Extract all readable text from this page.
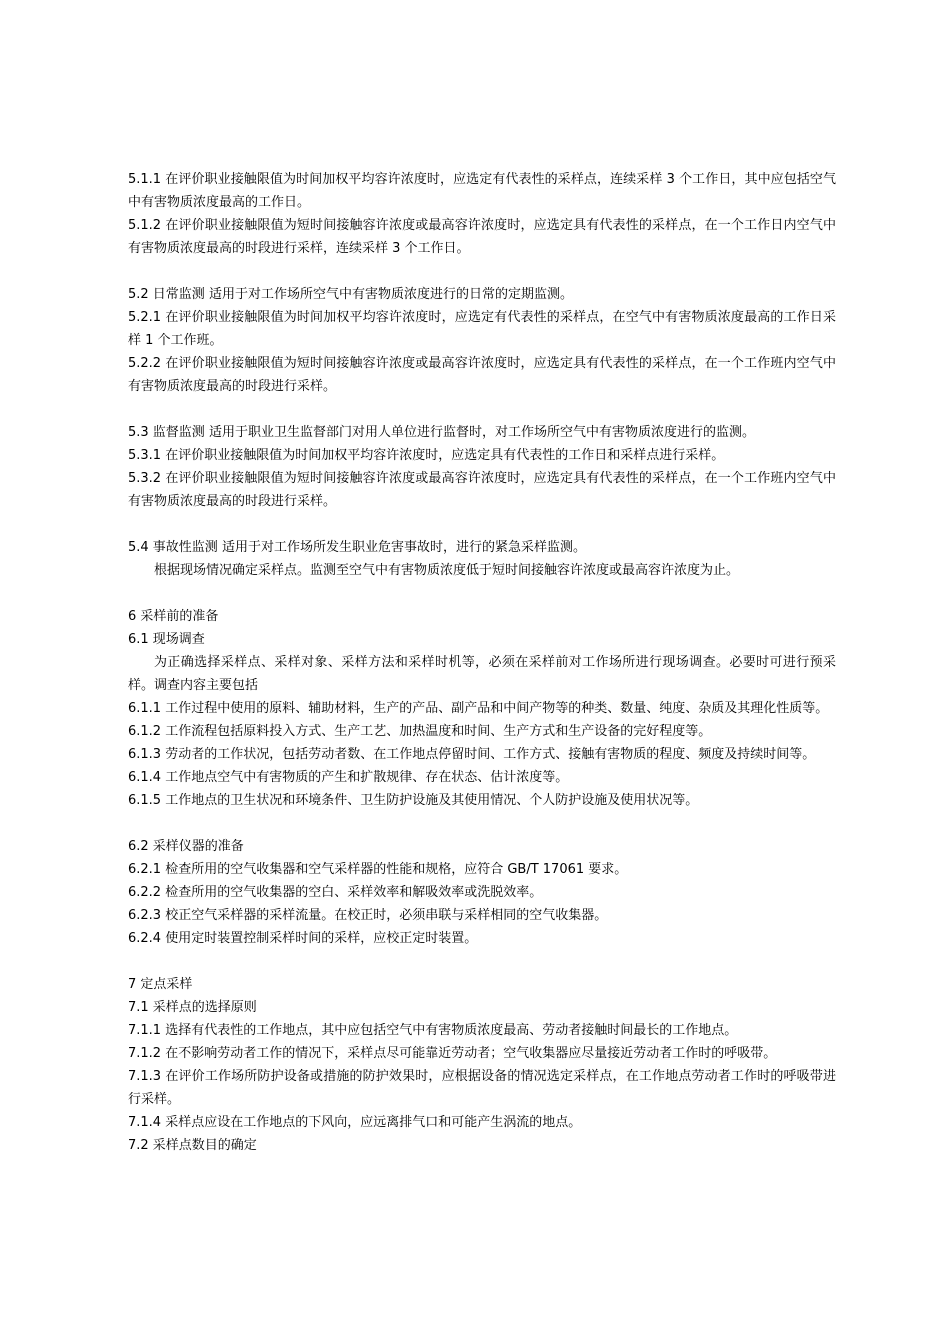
5.1.1 在评价职业接触限值为时间加权平均容许浓度时，应选定有代表性的采样点，连续采样 3 个工作日，其中应包括空气中有害物质浓度最高的工作日。
5.1.2 在评价职业接触限值为短时间接触容许浓度或最高容许浓度时，应选定具有代表性的采样点，在一个工作日内空气中有害物质浓度最高的时段进行采样，连续采样 3 个工作日。
5.2 日常监测 适用于对工作场所空气中有害物质浓度进行的日常的定期监测。
5.2.1 在评价职业接触限值为时间加权平均容许浓度时，应选定有代表性的采样点，在空气中有害物质浓度最高的工作日采样 1 个工作班。
5.2.2 在评价职业接触限值为短时间接触容许浓度或最高容许浓度时，应选定具有代表性的采样点，在一个工作班内空气中有害物质浓度最高的时段进行采样。
5.3 监督监测 适用于职业卫生监督部门对用人单位进行监督时，对工作场所空气中有害物质浓度进行的监测。
5.3.1 在评价职业接触限值为时间加权平均容许浓度时，应选定具有代表性的工作日和采样点进行采样。
5.3.2 在评价职业接触限值为短时间接触容许浓度或最高容许浓度时，应选定具有代表性的采样点，在一个工作班内空气中有害物质浓度最高的时段进行采样。
5.4 事故性监测 适用于对工作场所发生职业危害事故时，进行的紧急采样监测。
根据现场情况确定采样点。监测至空气中有害物质浓度低于短时间接触容许浓度或最高容许浓度为止。
6 采样前的准备
6.1 现场调查
为正确选择采样点、采样对象、采样方法和采样时机等，必须在采样前对工作场所进行现场调查。必要时可进行预采样。调查内容主要包括
6.1.1 工作过程中使用的原料、辅助材料，生产的产品、副产品和中间产物等的种类、数量、纯度、杂质及其理化性质等。
6.1.2 工作流程包括原料投入方式、生产工艺、加热温度和时间、生产方式和生产设备的完好程度等。
6.1.3 劳动者的工作状况，包括劳动者数、在工作地点停留时间、工作方式、接触有害物质的程度、频度及持续时间等。
6.1.4 工作地点空气中有害物质的产生和扩散规律、存在状态、估计浓度等。
6.1.5 工作地点的卫生状况和环境条件、卫生防护设施及其使用情况、个人防护设施及使用状况等。
6.2 采样仪器的准备
6.2.1 检查所用的空气收集器和空气采样器的性能和规格，应符合 GB/T 17061 要求。
6.2.2 检查所用的空气收集器的空白、采样效率和解吸效率或洗脱效率。
6.2.3 校正空气采样器的采样流量。在校正时，必须串联与采样相同的空气收集器。
6.2.4 使用定时装置控制采样时间的采样，应校正定时装置。
7 定点采样
7.1 采样点的选择原则
7.1.1 选择有代表性的工作地点，其中应包括空气中有害物质浓度最高、劳动者接触时间最长的工作地点。
7.1.2 在不影响劳动者工作的情况下，采样点尽可能靠近劳动者；空气收集器应尽量接近劳动者工作时的呼吸带。
7.1.3 在评价工作场所防护设备或措施的防护效果时，应根据设备的情况选定采样点，在工作地点劳动者工作时的呼吸带进行采样。
7.1.4 采样点应设在工作地点的下风向，应远离排气口和可能产生涡流的地点。
7.2 采样点数目的确定
